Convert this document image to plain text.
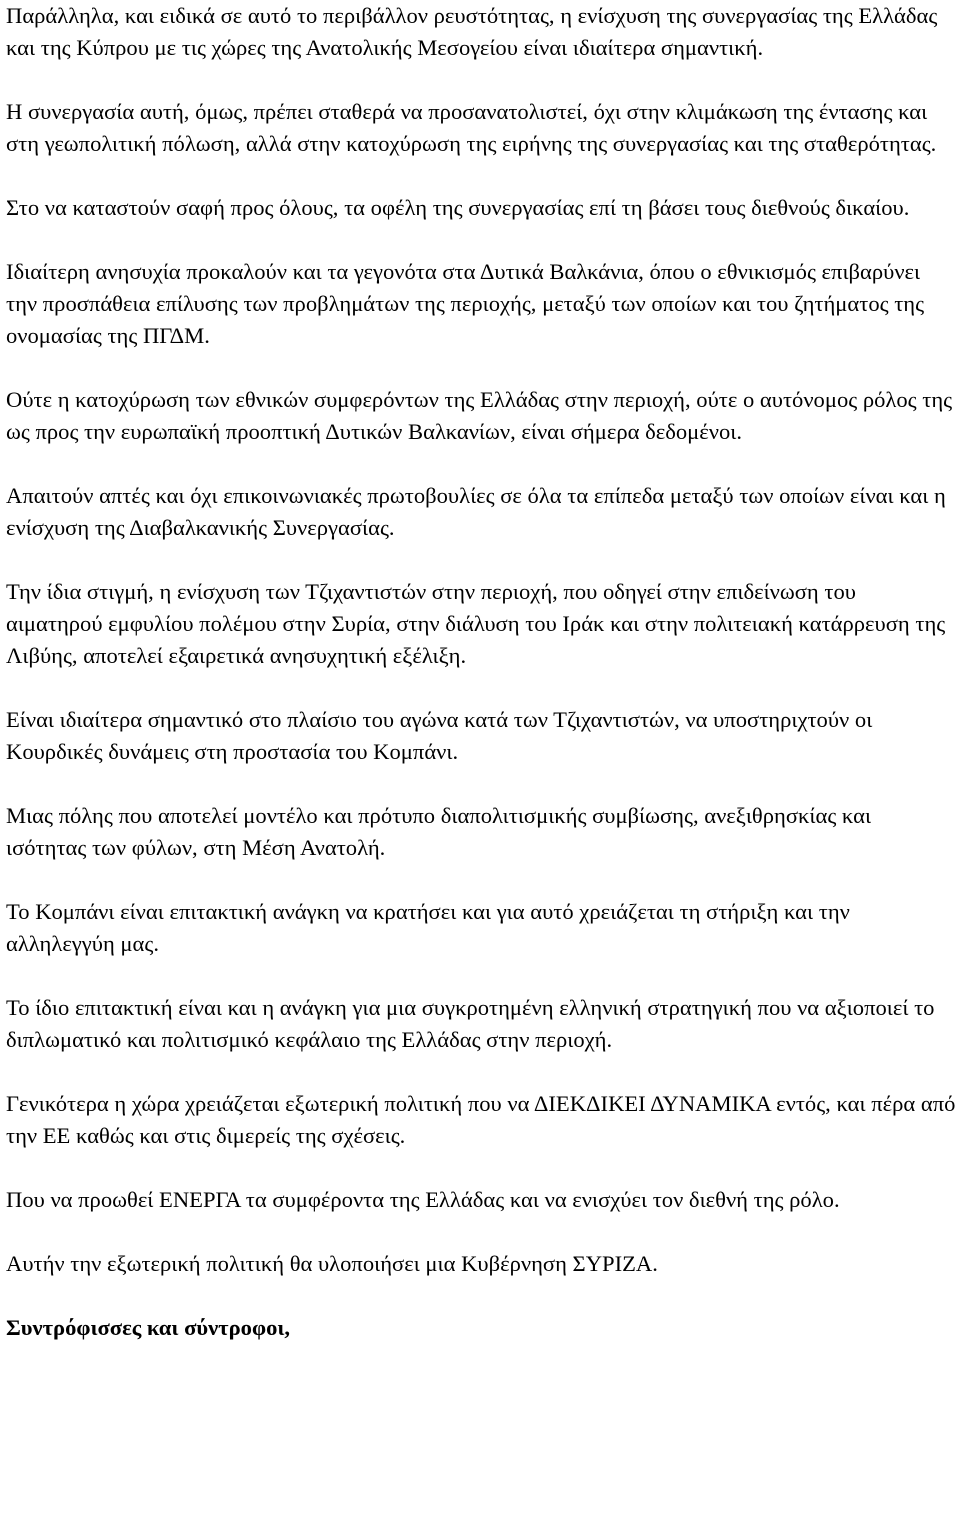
Παράλληλα, και ειδικά σε αυτό το περιβάλλον ρευστότητας, η ενίσχυση της συνεργασίας της Ελλάδας και της Κύπρου με τις χώρες της Ανατολικής Μεσογείου είναι ιδιαίτερα σημαντική.

Η συνεργασία αυτή, όμως, πρέπει σταθερά να προσανατολιστεί, όχι στην κλιμάκωση της έντασης και στη γεωπολιτική πόλωση, αλλά στην κατοχύρωση της ειρήνης της συνεργασίας και της σταθερότητας.

Στο να καταστούν σαφή προς όλους, τα οφέλη της συνεργασίας επί τη βάσει τους διεθνούς δικαίου.

Ιδιαίτερη ανησυχία προκαλούν και τα γεγονότα στα Δυτικά Βαλκάνια, όπου ο εθνικισμός επιβαρύνει την προσπάθεια επίλυσης των προβλημάτων της περιοχής, μεταξύ των οποίων και του ζητήματος της ονομασίας της ΠΓΔΜ.

Ούτε η κατοχύρωση των εθνικών συμφερόντων της Ελλάδας στην περιοχή, ούτε ο αυτόνομος ρόλος της ως προς την ευρωπαϊκή προοπτική Δυτικών Βαλκανίων, είναι σήμερα δεδομένοι.

Απαιτούν απτές και όχι επικοινωνιακές πρωτοβουλίες σε όλα τα επίπεδα μεταξύ των οποίων είναι και η ενίσχυση της Διαβαλκανικής Συνεργασίας.

Την ίδια στιγμή, η ενίσχυση των Τζιχαντιστών στην περιοχή, που οδηγεί στην επιδείνωση του αιματηρού εμφυλίου πολέμου στην Συρία, στην διάλυση του Ιράκ και στην πολιτειακή κατάρρευση της Λιβύης, αποτελεί εξαιρετικά ανησυχητική εξέλιξη.

Είναι ιδιαίτερα σημαντικό στο πλαίσιο του αγώνα κατά των Τζιχαντιστών, να υποστηριχτούν οι Κουρδικές δυνάμεις στη προστασία του Κομπάνι.

Μιας πόλης που αποτελεί μοντέλο και πρότυπο διαπολιτισμικής συμβίωσης, ανεξιθρησκίας και ισότητας των φύλων, στη Μέση Ανατολή.

Το Κομπάνι είναι επιτακτική ανάγκη να κρατήσει και για αυτό χρειάζεται τη στήριξη και την αλληλεγγύη μας.

Το ίδιο επιτακτική είναι και η ανάγκη για μια συγκροτημένη ελληνική στρατηγική που να αξιοποιεί το διπλωματικό και πολιτισμικό κεφάλαιο της Ελλάδας στην περιοχή.

Γενικότερα η χώρα χρειάζεται εξωτερική πολιτική που να ΔΙΕΚΔΙΚΕΙ ΔΥΝΑΜΙΚΑ εντός, και πέρα από την ΕΕ καθώς και στις διμερείς της σχέσεις.

Που να προωθεί ΕΝΕΡΓΑ τα συμφέροντα της Ελλάδας και να ενισχύει τον διεθνή της ρόλο.

Αυτήν την εξωτερική πολιτική θα υλοποιήσει μια Κυβέρνηση ΣΥΡΙΖΑ.

Συντρόφισσες και σύντροφοι,
